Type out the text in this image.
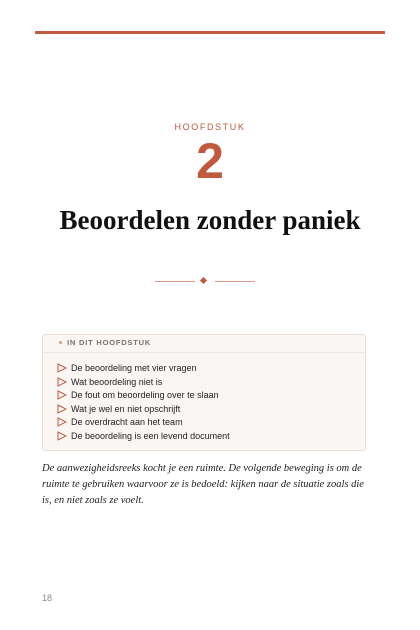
HOOFDSTUK
2
Beoordelen zonder paniek
IN DIT HOOFDSTUK
De beoordeling met vier vragen
Wat beoordeling niet is
De fout om beoordeling over te slaan
Wat je wel en niet opschrijft
De overdracht aan het team
De beoordeling is een levend document

De aanwezigheidsreeks kocht je een ruimte. De volgende beweging is om de ruimte te gebruiken waarvoor ze is bedoeld: kijken naar de situatie zoals die is, en niet zoals ze voelt.

18
